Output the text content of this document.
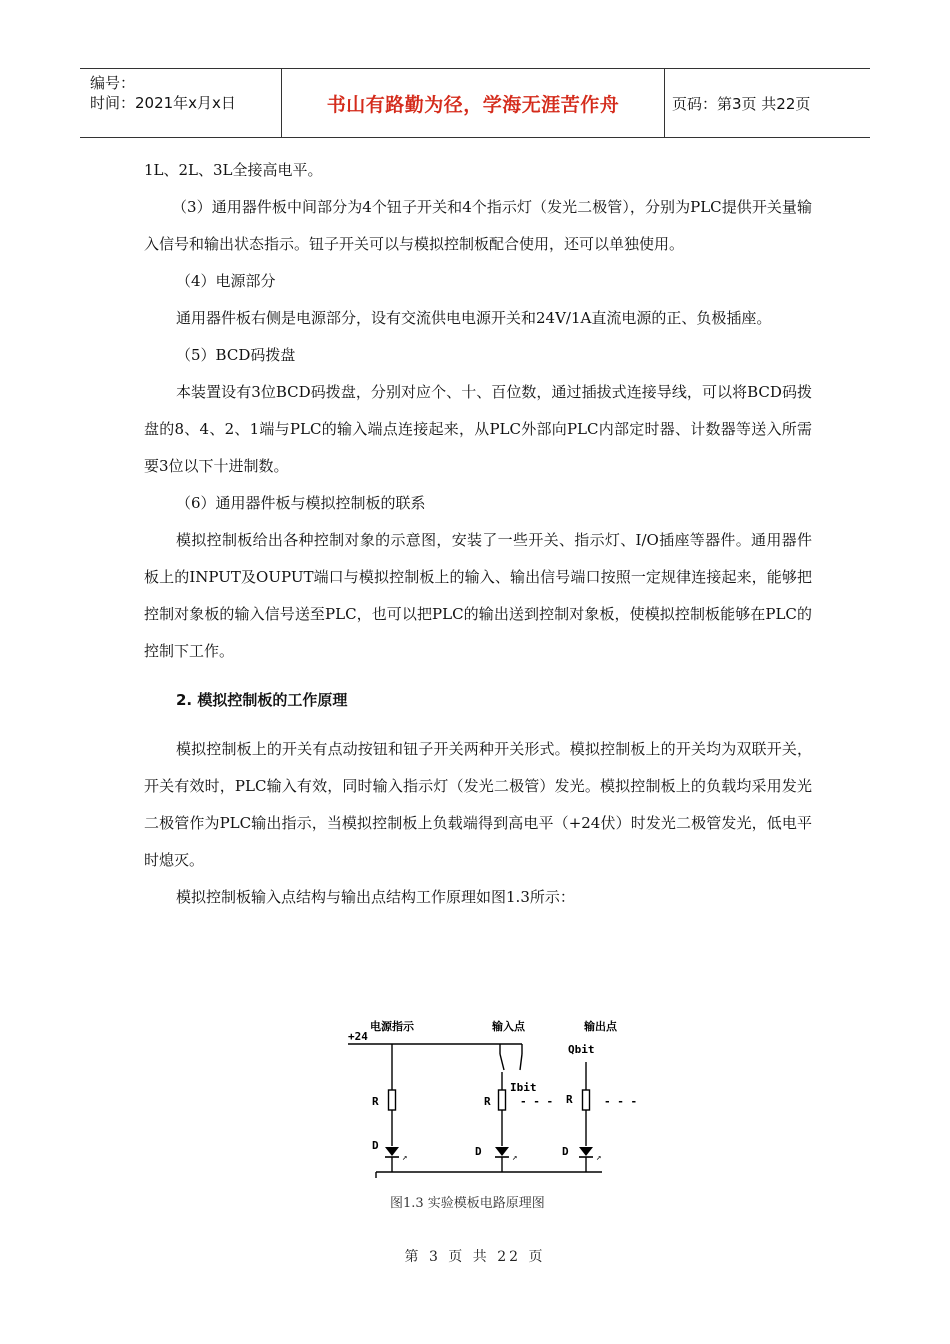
编号：
时间：2021年x月x日	书山有路勤为径，学海无涯苦作舟	页码：第3页 共22页

1L、2L、3L全接高电平。

（3）通用器件板中间部分为4个钮子开关和4个指示灯（发光二极管），分别为PLC提供开关量输入信号和输出状态指示。钮子开关可以与模拟控制板配合使用，还可以单独使用。

（4）电源部分

通用器件板右侧是电源部分，设有交流供电电源开关和24V/1A直流电源的正、负极插座。

（5）BCD码拨盘

本装置设有3位BCD码拨盘，分别对应个、十、百位数，通过插拔式连接导线，可以将BCD码拨盘的8、4、2、1端与PLC的输入端点连接起来，从PLC外部向PLC内部定时器、计数器等送入所需要3位以下十进制数。

（6）通用器件板与模拟控制板的联系

模拟控制板给出各种控制对象的示意图，安装了一些开关、指示灯、I/O插座等器件。通用器件板上的INPUT及OUPUT端口与模拟控制板上的输入、输出信号端口按照一定规律连接起来，能够把控制对象板的输入信号送至PLC，也可以把PLC的输出送到控制对象板，使模拟控制板能够在PLC的控制下工作。

2. 模拟控制板的工作原理

模拟控制板上的开关有点动按钮和钮子开关两种开关形式。模拟控制板上的开关均为双联开关，开关有效时，PLC输入有效，同时输入指示灯（发光二极管）发光。模拟控制板上的负载均采用发光二极管作为PLC输出指示，当模拟控制板上负载端得到高电平（+24伏）时发光二极管发光，低电平时熄灭。

模拟控制板输入点结构与输出点结构工作原理如图1.3所示：

↗	↗	↗
电源指示	输入点	输出点
+24
Ibit
Qbit
R	R	R
- - -	- - -
D	D	D
图1.3 实验模板电路原理图
第 3 页 共 22 页
